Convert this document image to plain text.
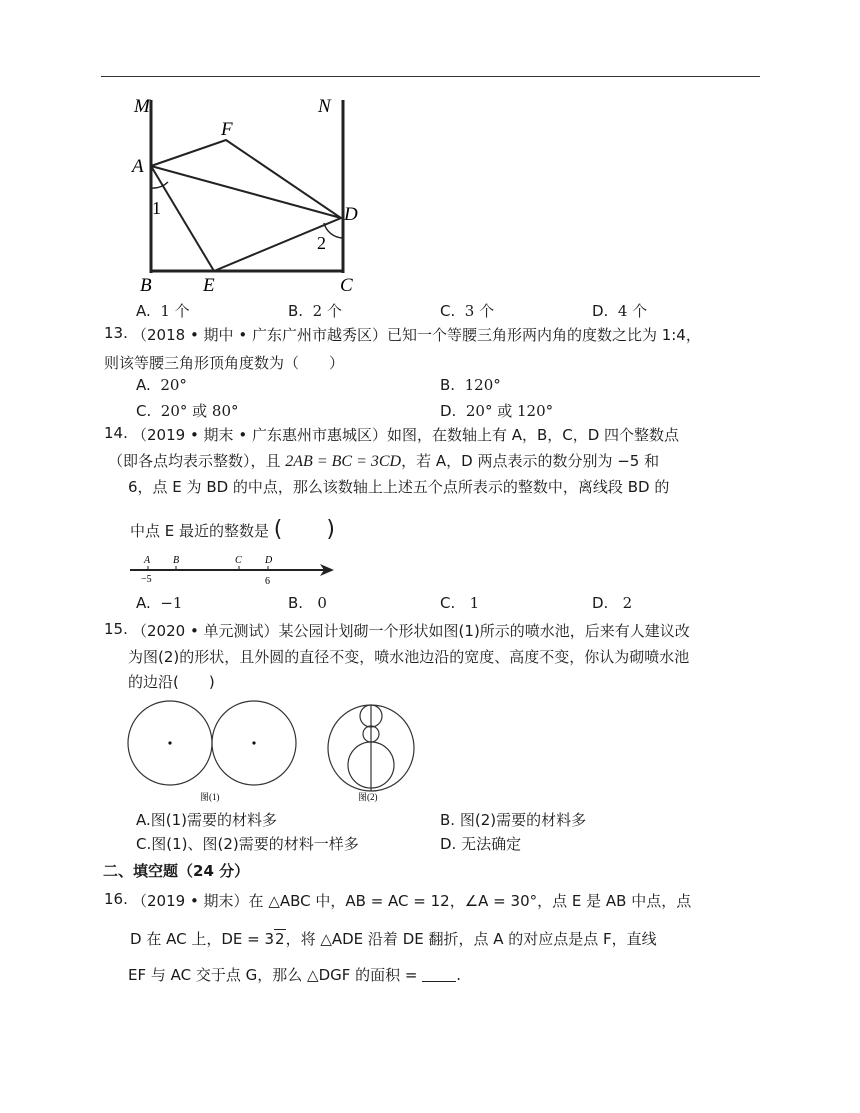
M	N
F
A
D
1
2
B	E	C
A. 1 个	B. 2 个	C. 3 个	D. 4 个
13. （2018 • 期中 • 广东广州市越秀区）已知一个等腰三角形两内角的度数之比为 1:4，
则该等腰三角形顶角度数为（　　）
A. 20°	B. 120°
C. 20° 或 80°	D. 20° 或 120°
14. （2019 • 期末 • 广东惠州市惠城区）如图，在数轴上有 A，B，C，D 四个整数点
（即各点均表示整数），且 2AB = BC = 3CD，若 A，D 两点表示的数分别为 −5 和
6，点 E 为 BD 的中点，那么该数轴上上述五个点所表示的整数中，离线段 BD 的
中点 E 最近的整数是 (　　)
A B	C D
−5	6
A. −1	B. 0	C. 1	D. 2
15. （2020 • 单元测试）某公园计划砌一个形状如图(1)所示的喷水池，后来有人建议改
为图(2)的形状，且外圆的直径不变，喷水池边沿的宽度、高度不变，你认为砌喷水池
的边沿(　　)
图(1)	图(2)
A.图(1)需要的材料多	B. 图(2)需要的材料多
C.图(1)、图(2)需要的材料一样多	D. 无法确定
二、填空题（24 分）
16. （2019 • 期末）在 △ABC 中，AB = AC = 12，∠A = 30°，点 E 是 AB 中点，点
D 在 AC 上，DE = 32，将 △ADE 沿着 DE 翻折，点 A 的对应点是点 F，直线
EF 与 AC 交于点 G，那么 △DGF 的面积 =	.
